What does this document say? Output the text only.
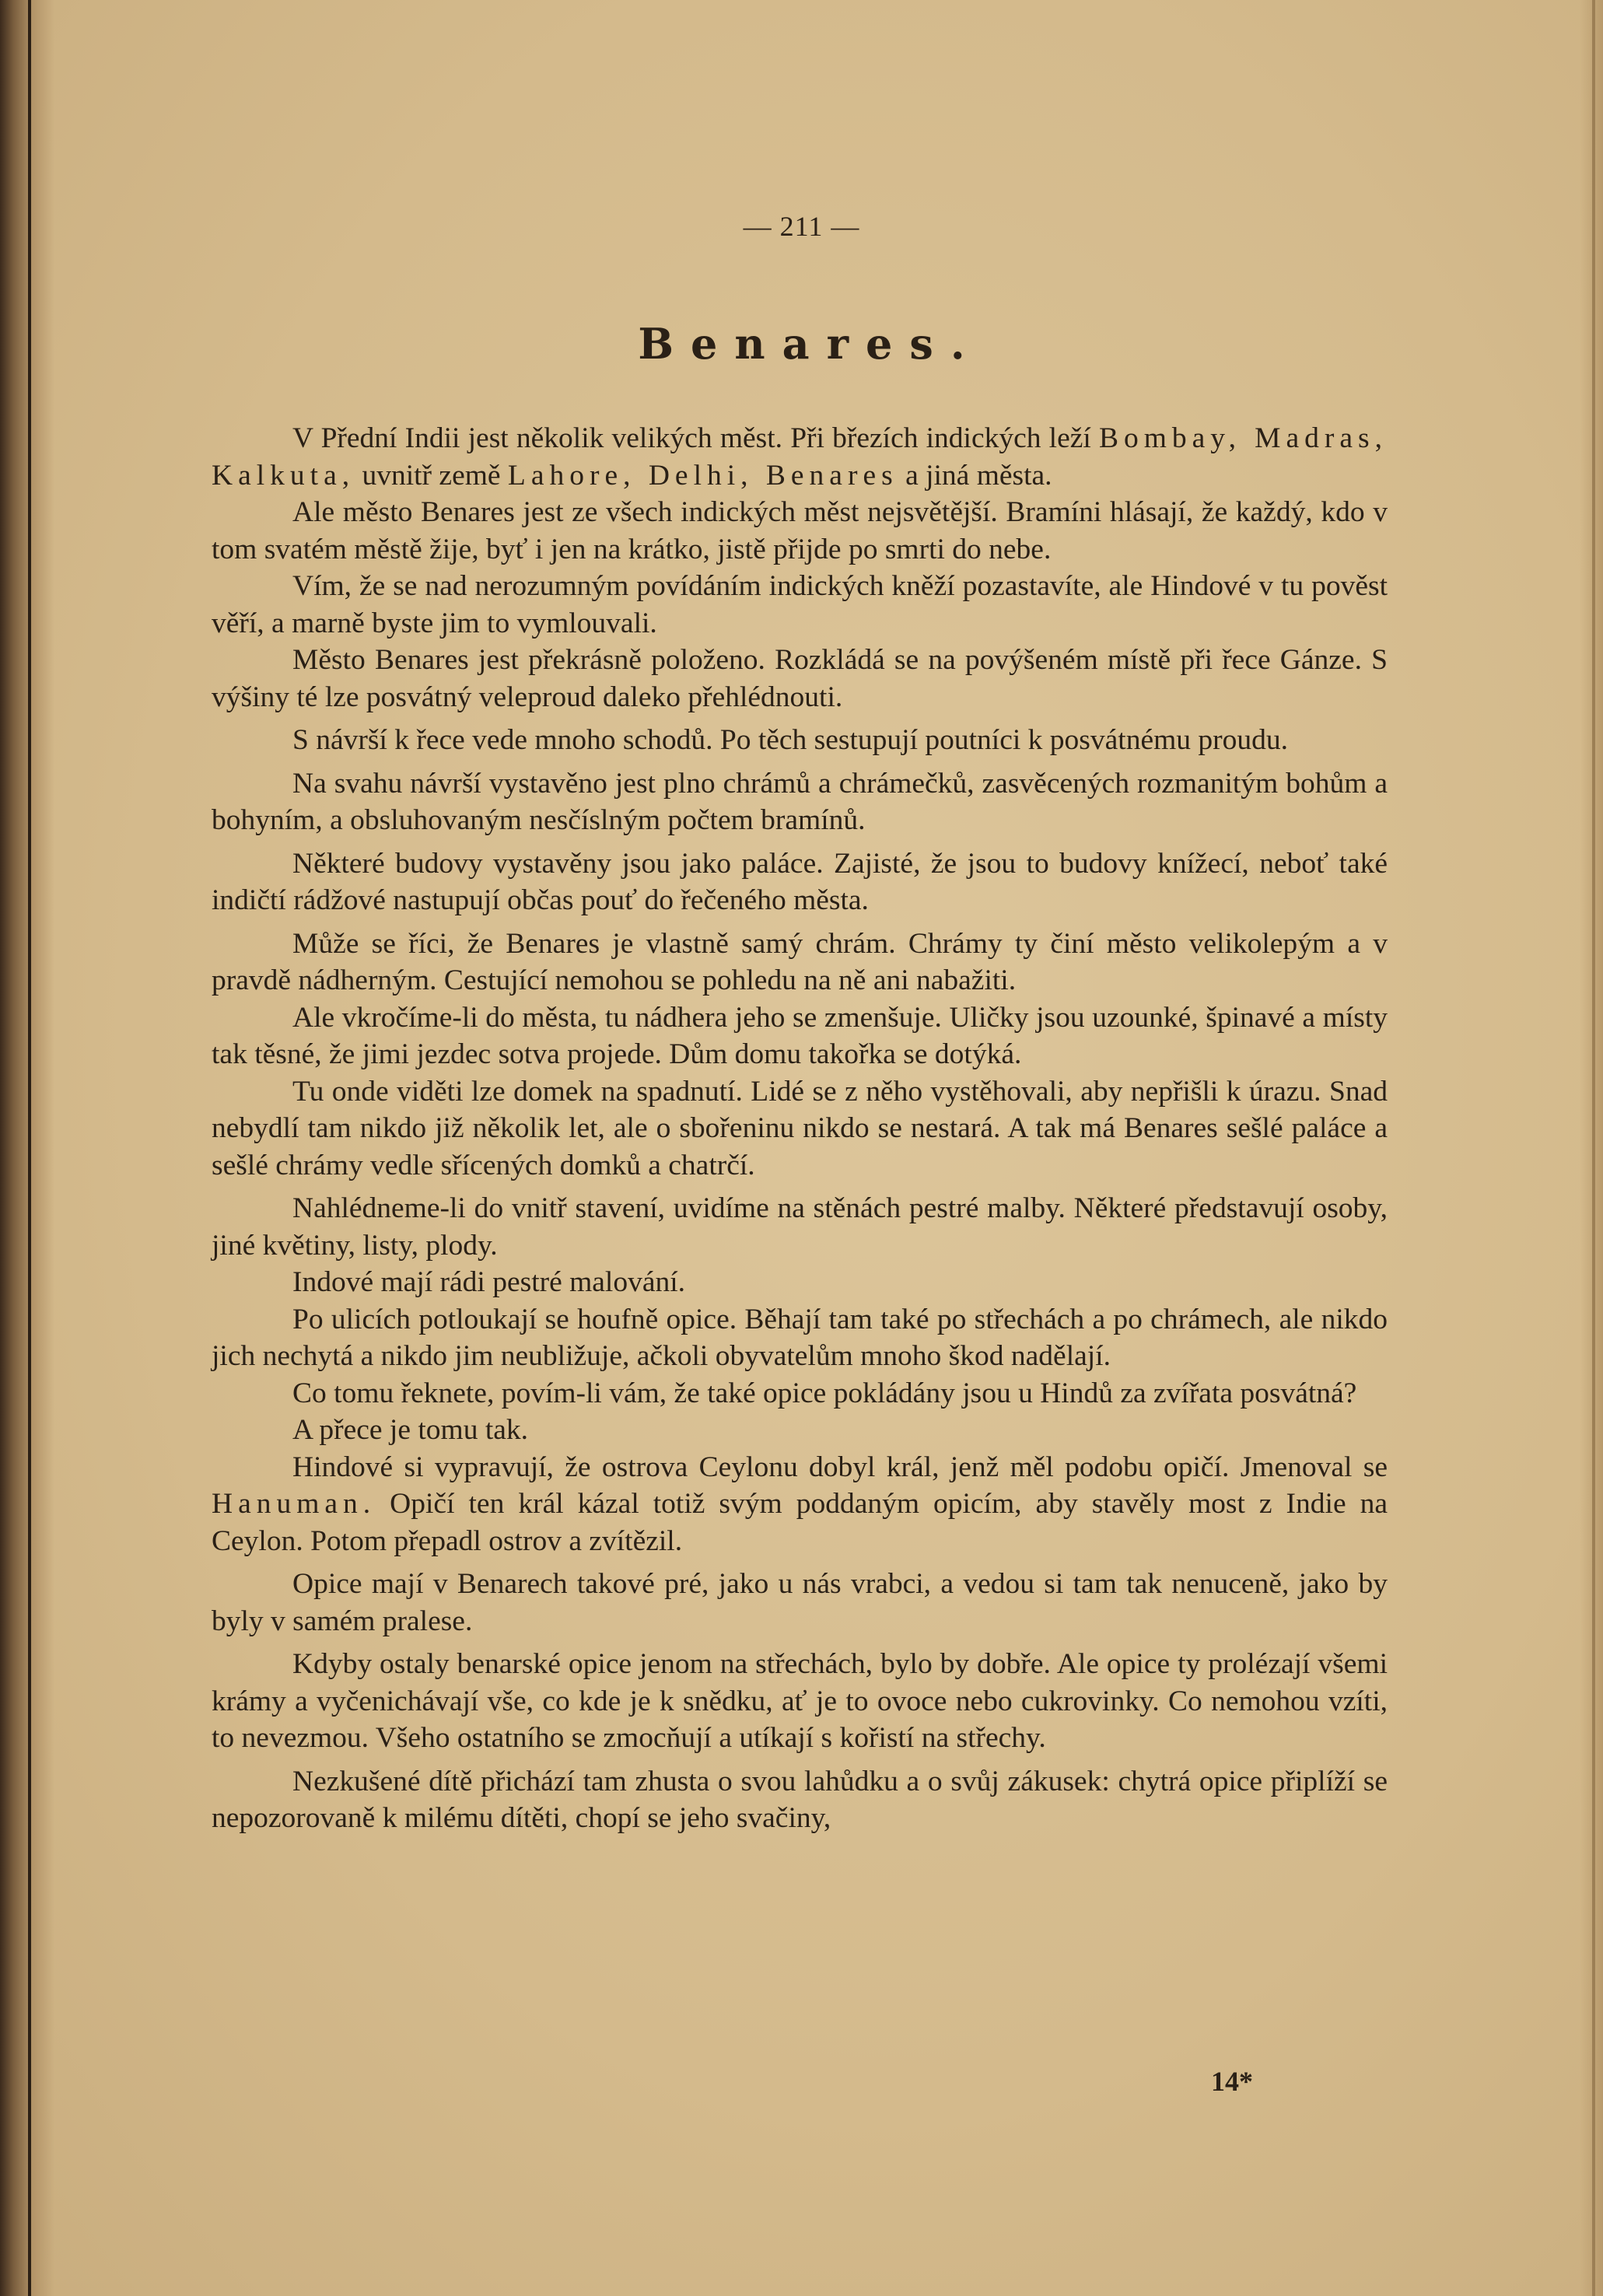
— 211 —
Benares.

V Přední Indii jest několik velikých měst. Při březích indických leží Bombay, Madras, Kalkuta, uvnitř země Lahore, Delhi, Benares a jiná města.

Ale město Benares jest ze všech indických měst nejsvětější. Bramíni hlásají, že každý, kdo v tom svatém městě žije, byť i jen na krátko, jistě přijde po smrti do nebe.

Vím, že se nad nerozumným povídáním indických kněží pozastavíte, ale Hindové v tu pověst věří, a marně byste jim to vymlouvali.

Město Benares jest překrásně položeno. Rozkládá se na povýšeném místě při řece Gánze. S výšiny té lze posvátný veleproud daleko přehlédnouti.

S návrší k řece vede mnoho schodů. Po těch sestupují poutníci k posvátnému proudu.

Na svahu návrší vystavěno jest plno chrámů a chrámečků, zasvěcených rozmanitým bohům a bohyním, a obsluhovaným nesčíslným počtem bramínů.

Některé budovy vystavěny jsou jako paláce. Zajisté, že jsou to budovy knížecí, neboť také indičtí rádžové nastupují občas pouť do řečeného města.

Může se říci, že Benares je vlastně samý chrám. Chrámy ty činí město velikolepým a v pravdě nádherným. Cestující nemohou se pohledu na ně ani nabažiti.

Ale vkročíme-li do města, tu nádhera jeho se zmenšuje. Uličky jsou uzounké, špinavé a místy tak těsné, že jimi jezdec sotva projede. Dům domu takořka se dotýká.

Tu onde viděti lze domek na spadnutí. Lidé se z něho vystěhovali, aby nepřišli k úrazu. Snad nebydlí tam nikdo již několik let, ale o sbořeninu nikdo se nestará. A tak má Benares sešlé paláce a sešlé chrámy vedle sřícených domků a chatrčí.

Nahlédneme-li do vnitř stavení, uvidíme na stěnách pestré malby. Některé představují osoby, jiné květiny, listy, plody.

Indové mají rádi pestré malování.

Po ulicích potloukají se houfně opice. Běhají tam také po střechách a po chrámech, ale nikdo jich nechytá a nikdo jim neubližuje, ačkoli obyvatelům mnoho škod nadělají.

Co tomu řeknete, povím-li vám, že také opice pokládány jsou u Hindů za zvířata posvátná?

A přece je tomu tak.

Hindové si vypravují, že ostrova Ceylonu dobyl král, jenž měl podobu opičí. Jmenoval se Hanuman. Opičí ten král kázal totiž svým poddaným opicím, aby stavěly most z Indie na Ceylon. Potom přepadl ostrov a zvítězil.

Opice mají v Benarech takové pré, jako u nás vrabci, a vedou si tam tak nenuceně, jako by byly v samém pralese.

Kdyby ostaly benarské opice jenom na střechách, bylo by dobře. Ale opice ty prolézají všemi krámy a vyčenichávají vše, co kde je k snědku, ať je to ovoce nebo cukrovinky. Co nemohou vzíti, to nevezmou. Všeho ostatního se zmocňují a utíkají s kořistí na střechy.

Nezkušené dítě přichází tam zhusta o svou lahůdku a o svůj zákusek: chytrá opice připlíží se nepozorovaně k milému dítěti, chopí se jeho svačiny,

14*
